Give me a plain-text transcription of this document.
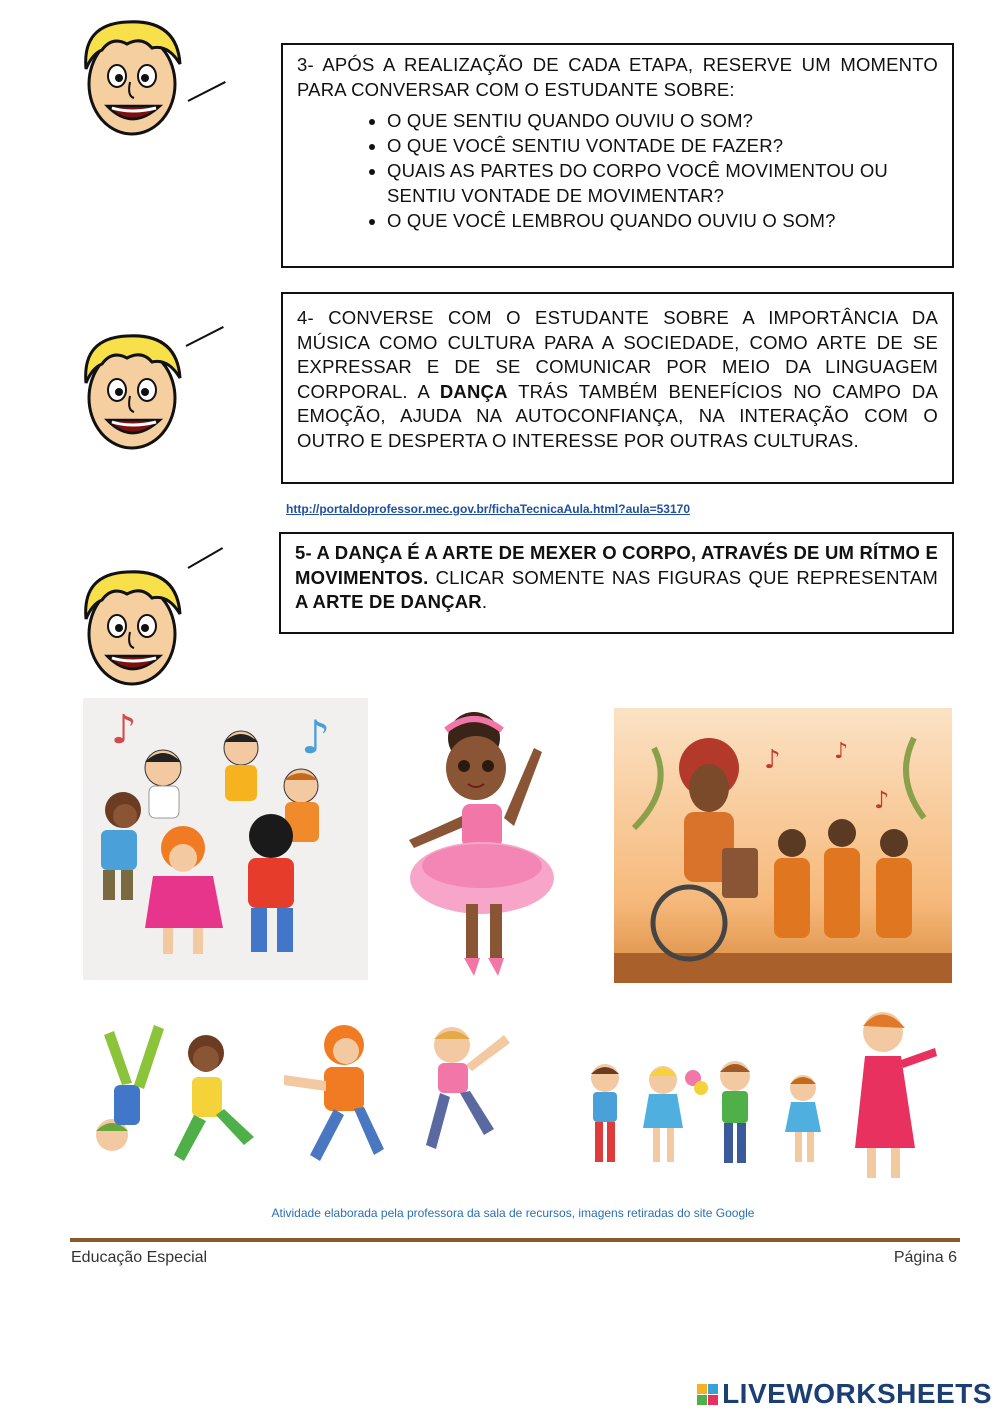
3- APÓS A REALIZAÇÃO DE CADA ETAPA, RESERVE UM MOMENTO PARA CONVERSAR COM O ESTUDANTE SOBRE:
• O QUE SENTIU QUANDO OUVIU O SOM?
• O QUE VOCÊ SENTIU VONTADE DE FAZER?
• QUAIS AS PARTES DO CORPO VOCÊ MOVIMENTOU OU SENTIU VONTADE DE MOVIMENTAR?
• O QUE VOCÊ LEMBROU QUANDO OUVIU O SOM?
4- CONVERSE COM O ESTUDANTE SOBRE A IMPORTÂNCIA DA MÚSICA COMO CULTURA PARA A SOCIEDADE, COMO ARTE DE SE EXPRESSAR E DE SE COMUNICAR POR MEIO DA LINGUAGEM CORPORAL. A DANÇA TRÁS TAMBÉM BENEFÍCIOS NO CAMPO DA EMOÇÃO, AJUDA NA AUTOCONFIANÇA, NA INTERAÇÃO COM O OUTRO E DESPERTA O INTERESSE POR OUTRAS CULTURAS.
http://portaldoprofessor.mec.gov.br/fichaTecnicaAula.html?aula=53170
5- A DANÇA É A ARTE DE MEXER O CORPO, ATRAVÉS DE UM RÍTMO E MOVIMENTOS. CLICAR SOMENTE NAS FIGURAS QUE REPRESENTAM A ARTE DE DANÇAR.
♪	♪	♪ ♪
♪
Atividade elaborada pela professora da sala de recursos, imagens retiradas do site Google
Educação Especial	Página 6
LIVEWORKSHEETS
